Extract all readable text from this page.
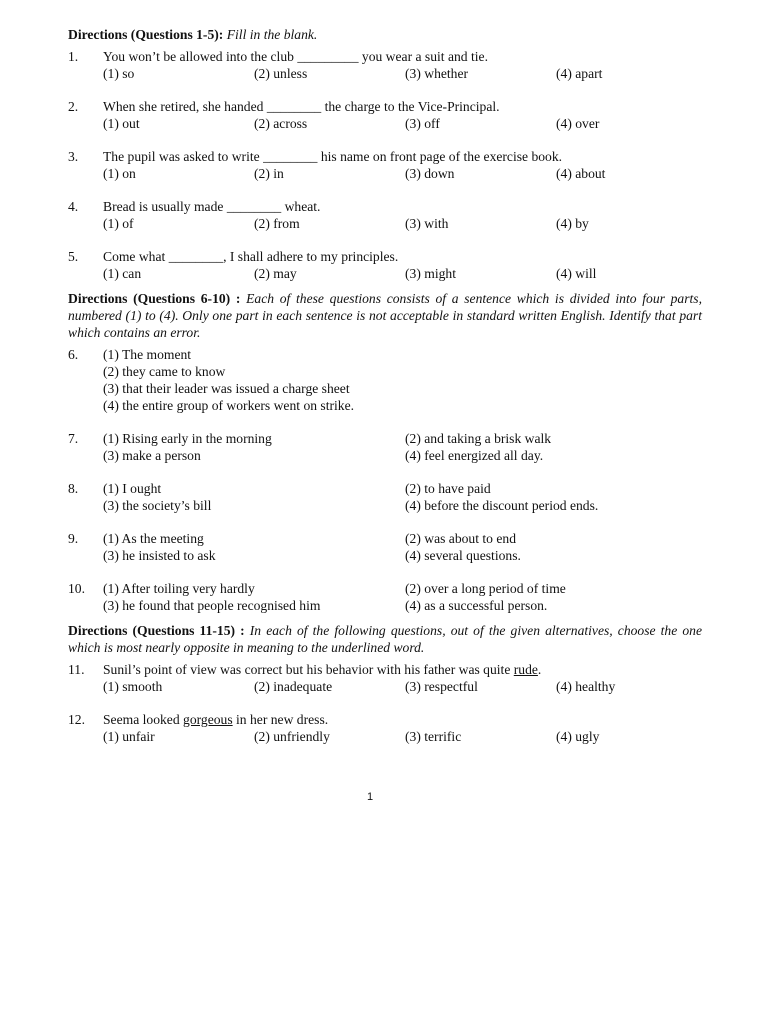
Directions (Questions 1-5): Fill in the blank.

1.	You won’t be allowed into the club _________ you wear a suit and tie.
(1) so	(2) unless	(3) whether	(4) apart
2.	When she retired, she handed ________ the charge to the Vice-Principal.
(1) out	(2) across	(3) off	(4) over
3.	The pupil was asked to write ________ his name on front page of the exercise book.
(1) on	(2) in	(3) down	(4) about
4.	Bread is usually made ________ wheat.
(1) of	(2) from	(3) with	(4) by
5.	Come what ________, I shall adhere to my principles.
(1) can	(2) may	(3) might	(4) will

Directions (Questions 6-10) : Each of these questions consists of a sentence which is divided into four parts, numbered (1) to (4). Only one part in each sentence is not acceptable in standard written English. Identify that part which contains an error.

6.	(1) The moment
(2) they came to know
(3) that their leader was issued a charge sheet
(4) the entire group of workers went on strike.
7.	(1) Rising early in the morning	(2) and taking a brisk walk
(3) make a person	(4) feel energized all day.
8.	(1) I ought	(2) to have paid
(3) the society’s bill	(4) before the discount period ends.
9.	(1) As the meeting	(2) was about to end
(3) he insisted to ask	(4) several questions.
10.	(1) After toiling very hardly	(2) over a long period of time
(3) he found that people recognised him	(4) as a successful person.

Directions (Questions 11-15) : In each of the following questions, out of the given alternatives, choose the one which is most nearly opposite in meaning to the underlined word.

11.	Sunil’s point of view was correct but his behavior with his father was quite rude.
(1) smooth	(2) inadequate	(3) respectful	(4) healthy
12.	Seema looked gorgeous in her new dress.
(1) unfair	(2) unfriendly	(3) terrific	(4) ugly
1
